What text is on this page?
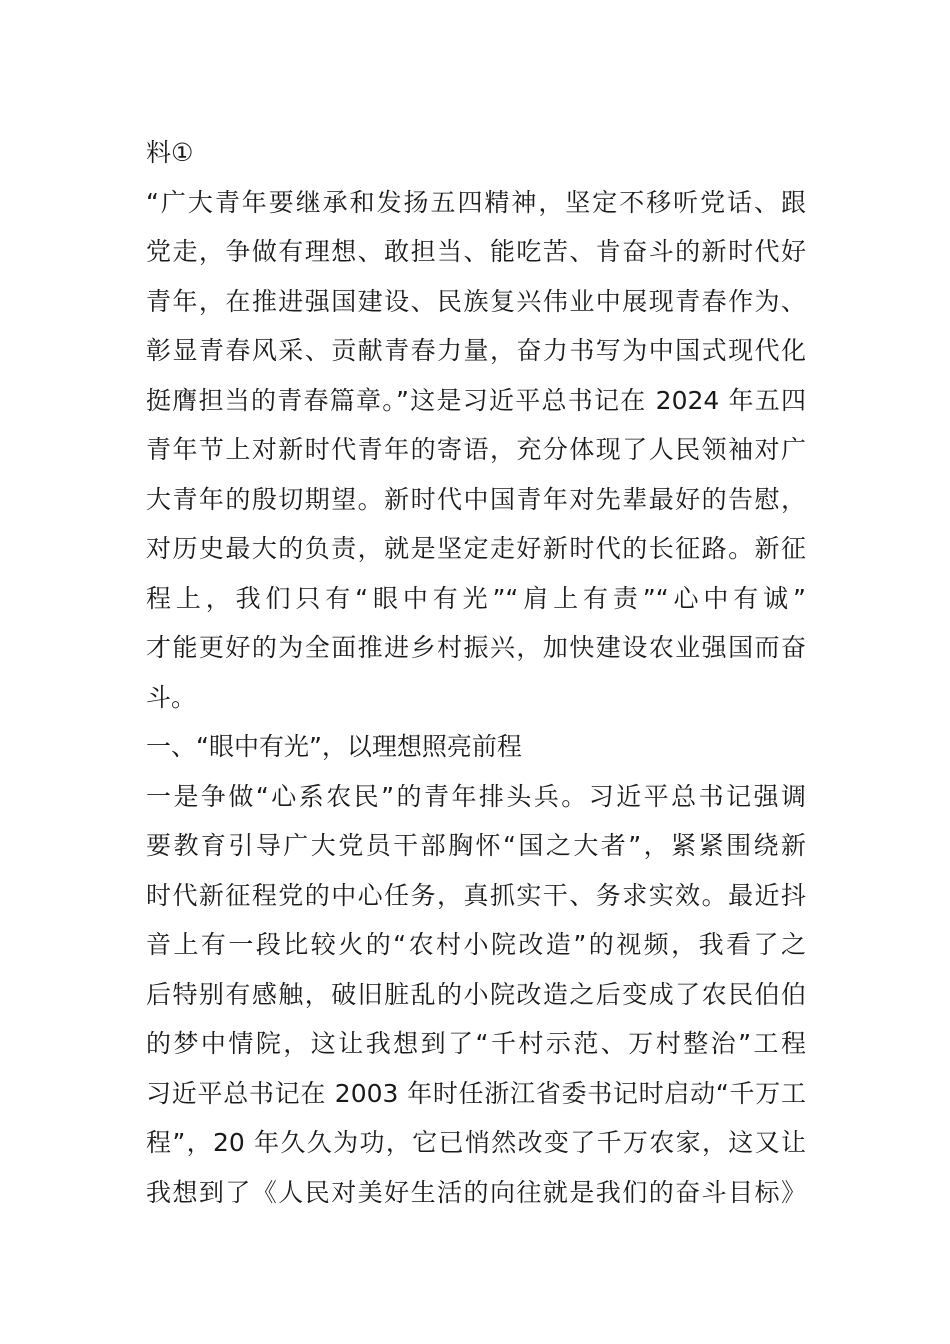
料①
“广大青年要继承和发扬五四精神，坚定不移听党话、跟
党走，争做有理想、敢担当、能吃苦、肯奋斗的新时代好
青年，在推进强国建设、民族复兴伟业中展现青春作为、
彰显青春风采、贡献青春力量，奋力书写为中国式现代化
挺膺担当的青春篇章。”这是习近平总书记在 2024 年五四
青年节上对新时代青年的寄语，充分体现了人民领袖对广
大青年的殷切期望。新时代中国青年对先辈最好的告慰，
对历史最大的负责，就是坚定走好新时代的长征路。新征
程上，我们只有“眼中有光”“肩上有责”“心中有诚”
才能更好的为全面推进乡村振兴，加快建设农业强国而奋
斗。
一、“眼中有光”，以理想照亮前程
一是争做“心系农民”的青年排头兵。习近平总书记强调
要教育引导广大党员干部胸怀“国之大者”，紧紧围绕新
时代新征程党的中心任务，真抓实干、务求实效。最近抖
音上有一段比较火的“农村小院改造”的视频，我看了之
后特别有感触，破旧脏乱的小院改造之后变成了农民伯伯
的梦中情院，这让我想到了“千村示范、万村整治”工程
习近平总书记在 2003 年时任浙江省委书记时启动“千万工
程”，20 年久久为功，它已悄然改变了千万农家，这又让
我想到了《人民对美好生活的向往就是我们的奋斗目标》
